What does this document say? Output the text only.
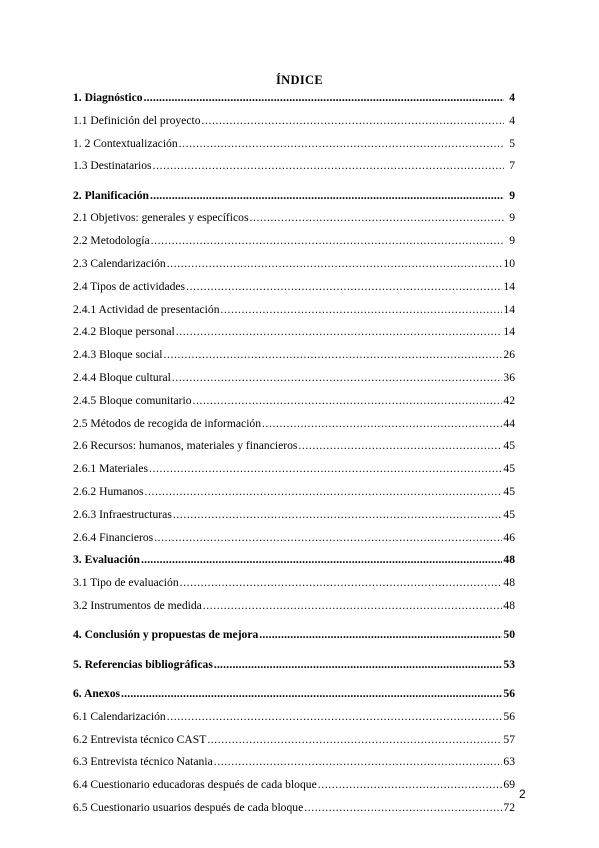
ÍNDICE
1. Diagnóstico .....	4
1.1 Definición del proyecto .....	4
1. 2 Contextualización .....	5
1.3 Destinatarios .....	7
2. Planificación .....	9
2.1 Objetivos: generales y específicos .....	9
2.2 Metodología .....	9
2.3 Calendarización .....	10
2.4 Tipos de actividades .....	14
2.4.1 Actividad de presentación .....	14
2.4.2 Bloque personal .....	14
2.4.3 Bloque social .....	26
2.4.4 Bloque cultural .....	36
2.4.5 Bloque comunitario .....	42
2.5 Métodos de recogida de información .....	44
2.6 Recursos: humanos, materiales y financieros .....	45
2.6.1 Materiales .....	45
2.6.2 Humanos .....	45
2.6.3 Infraestructuras .....	45
2.6.4 Financieros .....	46
3. Evaluación .....	48
3.1 Tipo de evaluación .....	48
3.2 Instrumentos de medida .....	48
4. Conclusión y propuestas de mejora .....	50
5. Referencias bibliográficas .....	53
6. Anexos .....	56
6.1 Calendarización .....	56
6.2 Entrevista técnico CAST .....	57
6.3 Entrevista técnico Natania .....	63
6.4 Cuestionario educadoras después de cada bloque .....	69
6.5 Cuestionario usuarios después de cada bloque .....	72
2
